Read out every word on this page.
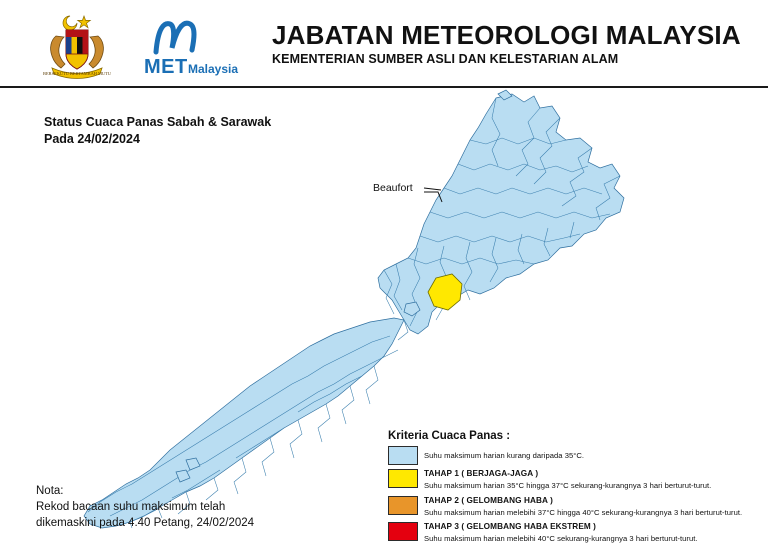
BERSEKUTU BERTAMBAH MUTU MET Malaysia
JABATAN METEOROLOGI MALAYSIA
KEMENTERIAN SUMBER ASLI DAN KELESTARIAN ALAM
Status Cuaca Panas Sabah & Sarawak
Pada 24/02/2024
Beaufort
Kriteria Cuaca Panas :
Suhu maksimum harian kurang daripada 35°C.
TAHAP 1 ( BERJAGA-JAGA )
Suhu maksimum harian 35°C hingga 37°C sekurang-kurangnya 3 hari berturut-turut.
TAHAP 2 ( GELOMBANG HABA )
Suhu maksimum harian melebihi 37°C hingga 40°C sekurang-kurangnya 3 hari berturut-turut.
TAHAP 3 ( GELOMBANG HABA EKSTREM )
Suhu maksimum harian melebihi 40°C sekurang-kurangnya 3 hari berturut-turut.
Nota:
Rekod bacaan suhu maksimum telah
dikemaskini pada 4.40 Petang, 24/02/2024
